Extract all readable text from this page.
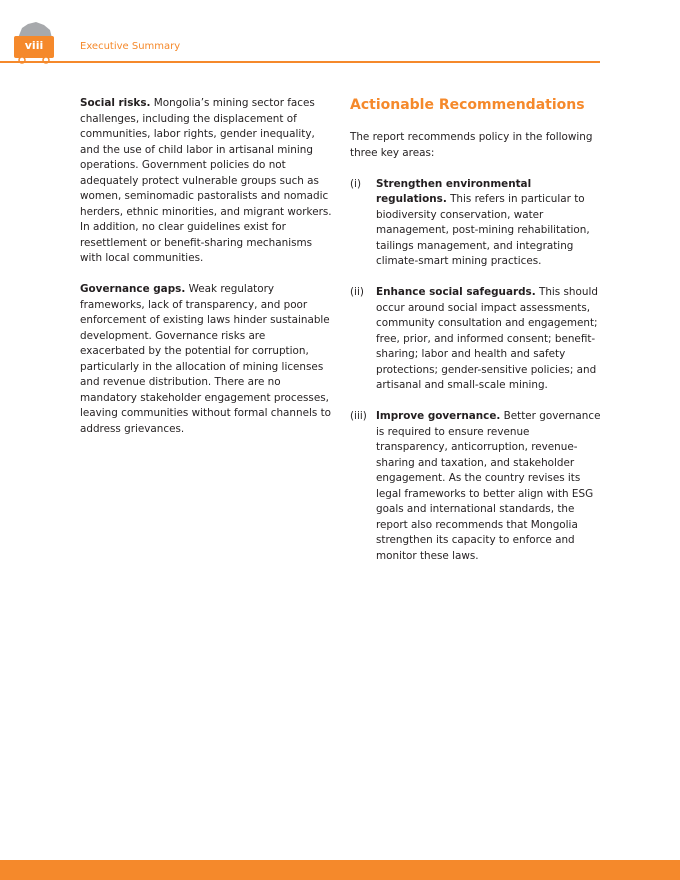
viii	Executive Summary

Social risks. Mongolia’s mining sector faces challenges, including the displacement of communities, labor rights, gender inequality, and the use of child labor in artisanal mining operations. Government policies do not adequately protect vulnerable groups such as women, seminomadic pastoralists and nomadic herders, ethnic minorities, and migrant workers. In addition, no clear guidelines exist for resettlement or benefit-sharing mechanisms with local communities.

Governance gaps. Weak regulatory frameworks, lack of transparency, and poor enforcement of existing laws hinder sustainable development. Governance risks are exacerbated by the potential for corruption, particularly in the allocation of mining licenses and revenue distribution. There are no mandatory stakeholder engagement processes, leaving communities without formal channels to address grievances.

Actionable Recommendations

The report recommends policy in the following three key areas:

(i)	Strengthen environmental regulations. This refers in particular to biodiversity conservation, water management, post-mining rehabilitation, tailings management, and integrating climate-smart mining practices.
(ii)	Enhance social safeguards. This should occur around social impact assessments, community consultation and engagement; free, prior, and informed consent; benefit-sharing; labor and health and safety protections; gender-sensitive policies; and artisanal and small-scale mining.
(iii) Improve governance. Better governance is required to ensure revenue transparency, anticorruption, revenue-sharing and taxation, and stakeholder engagement. As the country revises its legal frameworks to better align with ESG goals and international standards, the report also recommends that Mongolia strengthen its capacity to enforce and monitor these laws.
